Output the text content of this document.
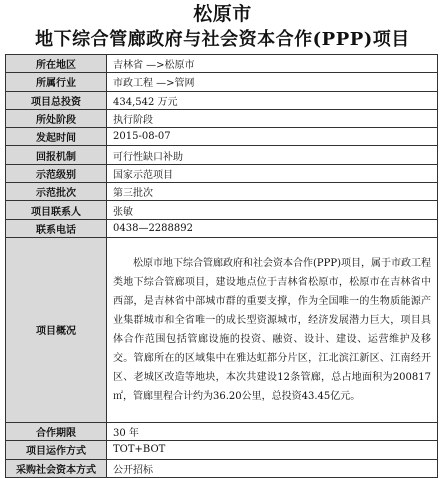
松原市
地下综合管廊政府与社会资本合作(PPP)项目
所在地区	吉林省 —>松原市
所属行业	市政工程 —>管网
项目总投资	434,542 万元
所处阶段	执行阶段
发起时间	2015-08-07
回报机制	可行性缺口补助
示范级别	国家示范项目
示范批次	第三批次
项目联系人	张敏
联系电话	0438—2288892
项目概况	松原市地下综合管廊政府和社会资本合作(PPP)项目，属于市政工程类地下综合管廊项目，建设地点位于吉林省松原市，松原市在吉林省中西部，是吉林省中部城市群的重要支撑，作为全国唯一的生物质能源产业集群城市和全省唯一的成长型资源城市，经济发展潜力巨大，项目具体合作范围包括管廊设施的投资、融资、设计、建设、运营维护及移交。管廊所在的区域集中在雅达虹都分片区，江北滨江新区、江南经开区、老城区改造等地块，本次共建设12条管廊，总占地面积为200817㎡，管廊里程合计约为36.20公里，总投资43.45亿元。
合作期限	30 年
项目运作方式	TOT+BOT
采购社会资本方式	公开招标
